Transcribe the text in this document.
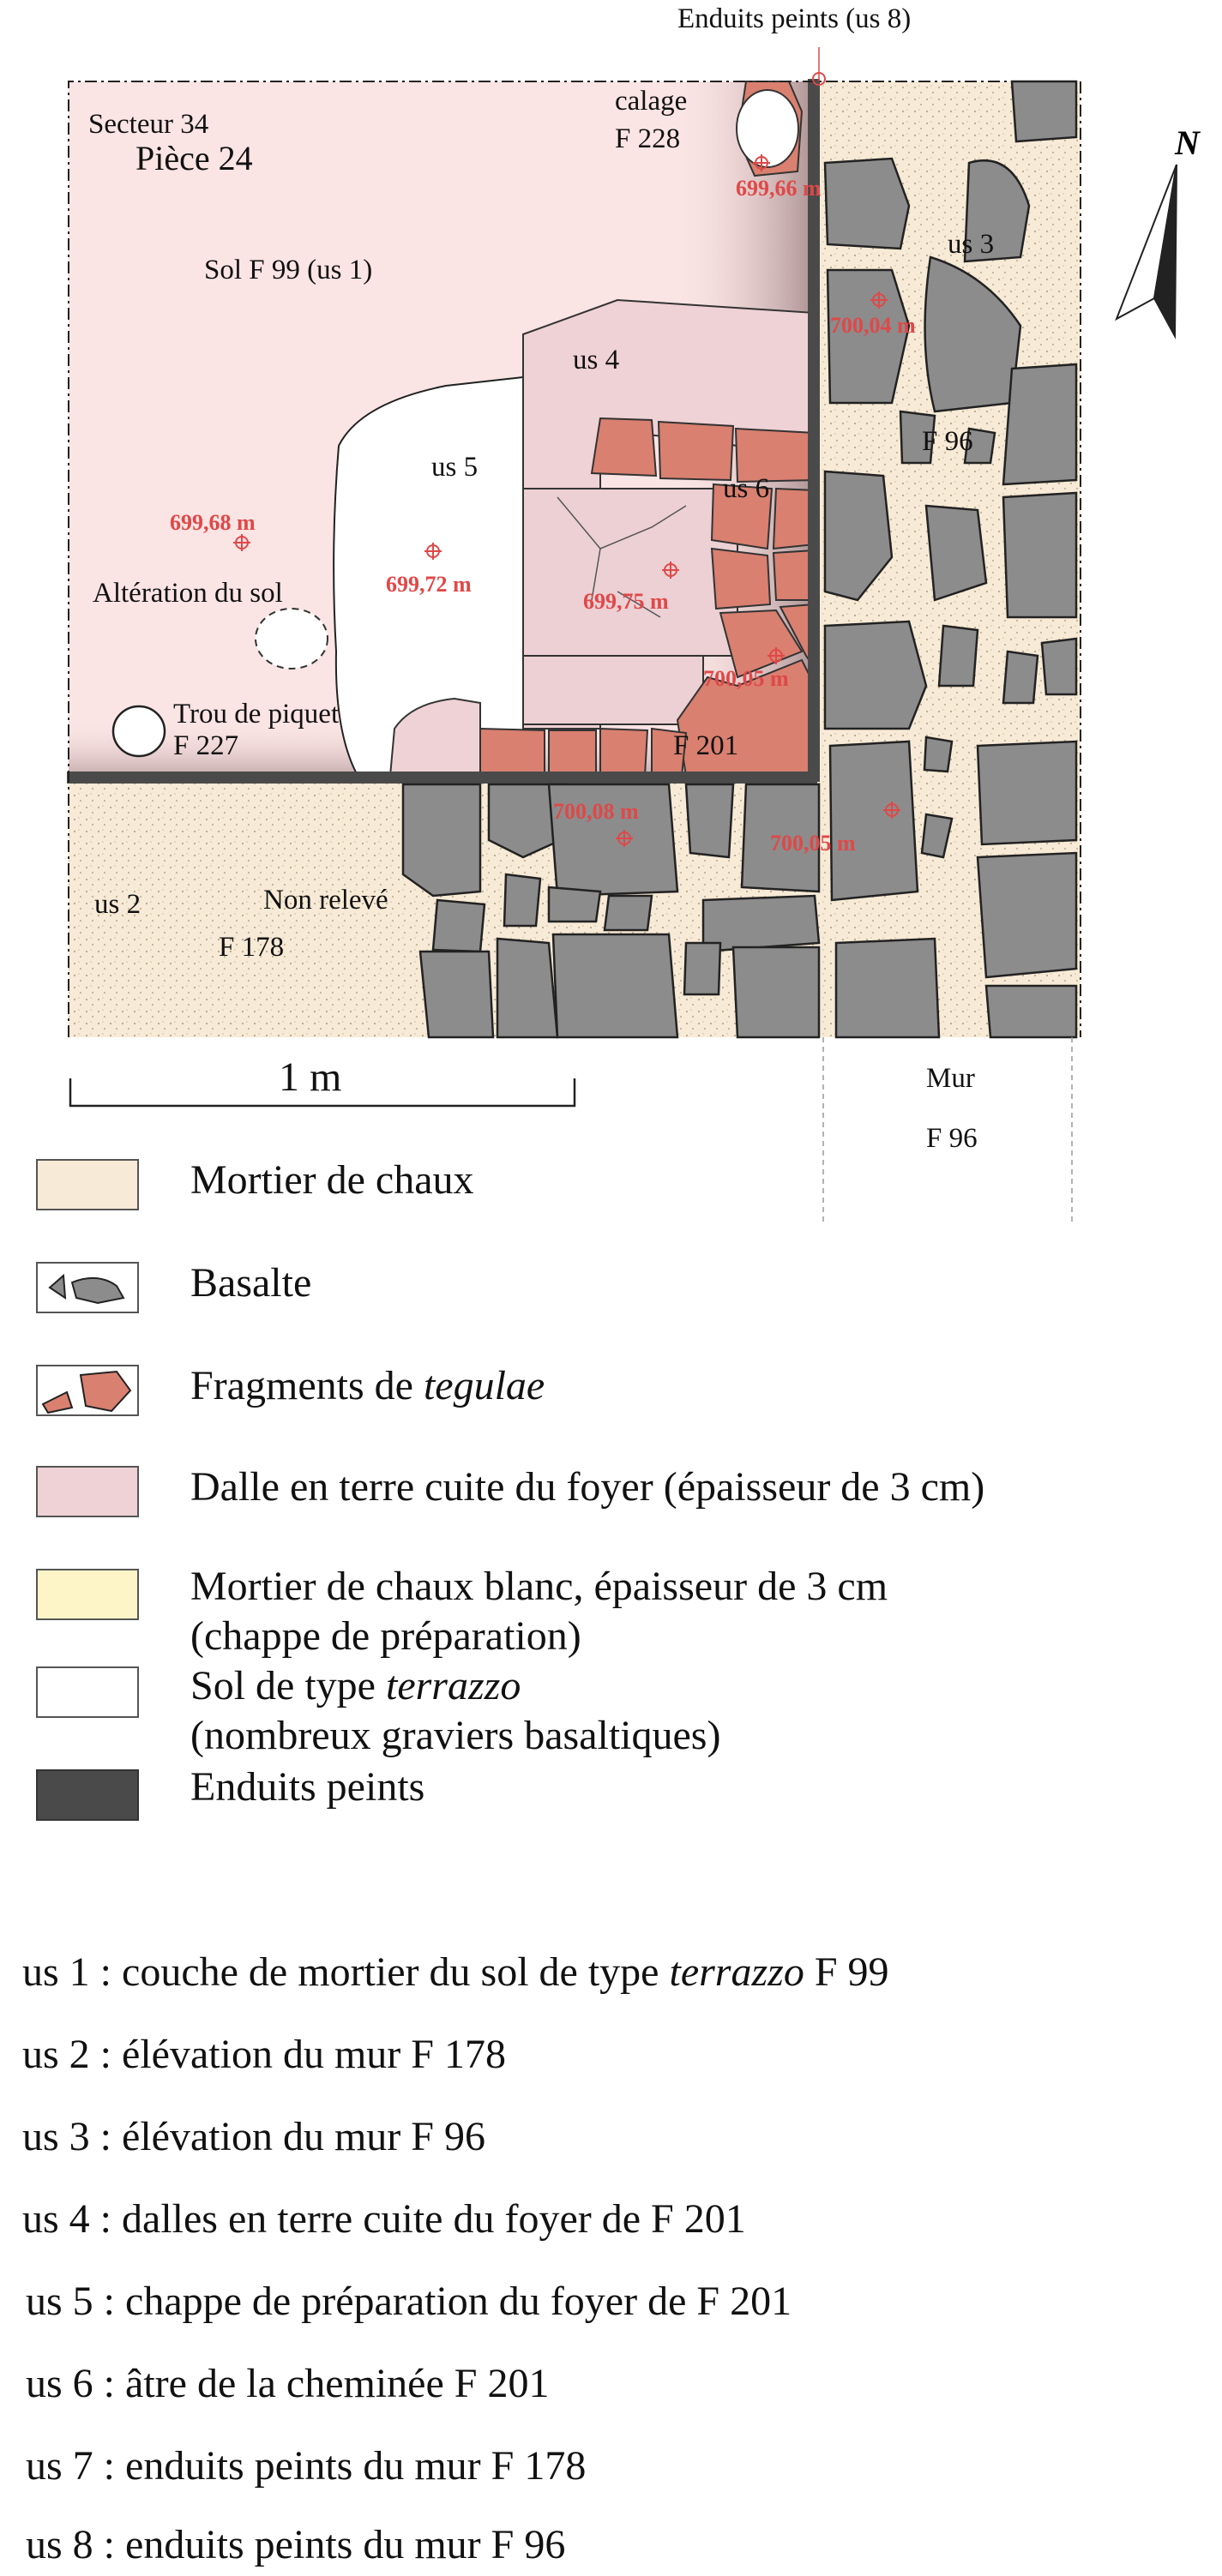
Enduits peints (us 8)
Secteur 34
Pièce 24
calage
F 228
Sol F 99 (us 1)
us 3
us 4
us 5
us 6
F 96
Altération du sol
Trou de piquet
F 227	F 201
us 2	Non relevé
F 178
1 m	Mur
F 96
N
699,66 m
700,04 m
699,68 m
699,72 m
699,75 m
700,05 m
700,08 m
700,05 m
Mortier de chaux
Basalte
Fragments de tegulae
Dalle en terre cuite du foyer (épaisseur de 3 cm)
Mortier de chaux blanc, épaisseur de 3 cm
(chappe de préparation)
Sol de type terrazzo
(nombreux graviers basaltiques)
Enduits peints
us 1 : couche de mortier du sol de type terrazzo F 99
us 2 : élévation du mur F 178
us 3 : élévation du mur F 96
us 4 : dalles en terre cuite du foyer de F 201
us 5 : chappe de préparation du foyer de F 201
us 6 : âtre de la cheminée F 201
us 7 : enduits peints du mur F 178
us 8 : enduits peints du mur F 96
